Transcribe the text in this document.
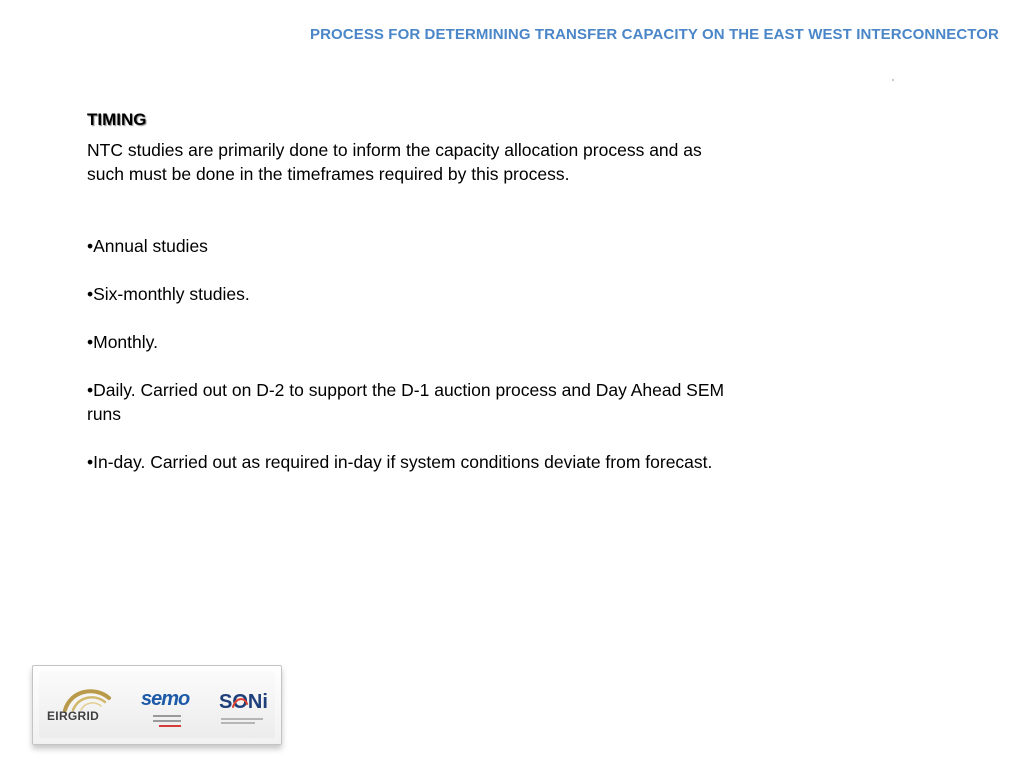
PROCESS FOR DETERMINING TRANSFER CAPACITY ON THE EAST WEST INTERCONNECTOR
TIMING
NTC studies are primarily done to inform the capacity allocation process and as such must be done in the timeframes required by this process.
•Annual studies
•Six-monthly studies.
•Monthly.
•Daily. Carried out on D-2 to support the D-1 auction process and Day Ahead SEM runs
•In-day. Carried out as required in-day if system conditions deviate from forecast.
EIRGRID
semo SONi
